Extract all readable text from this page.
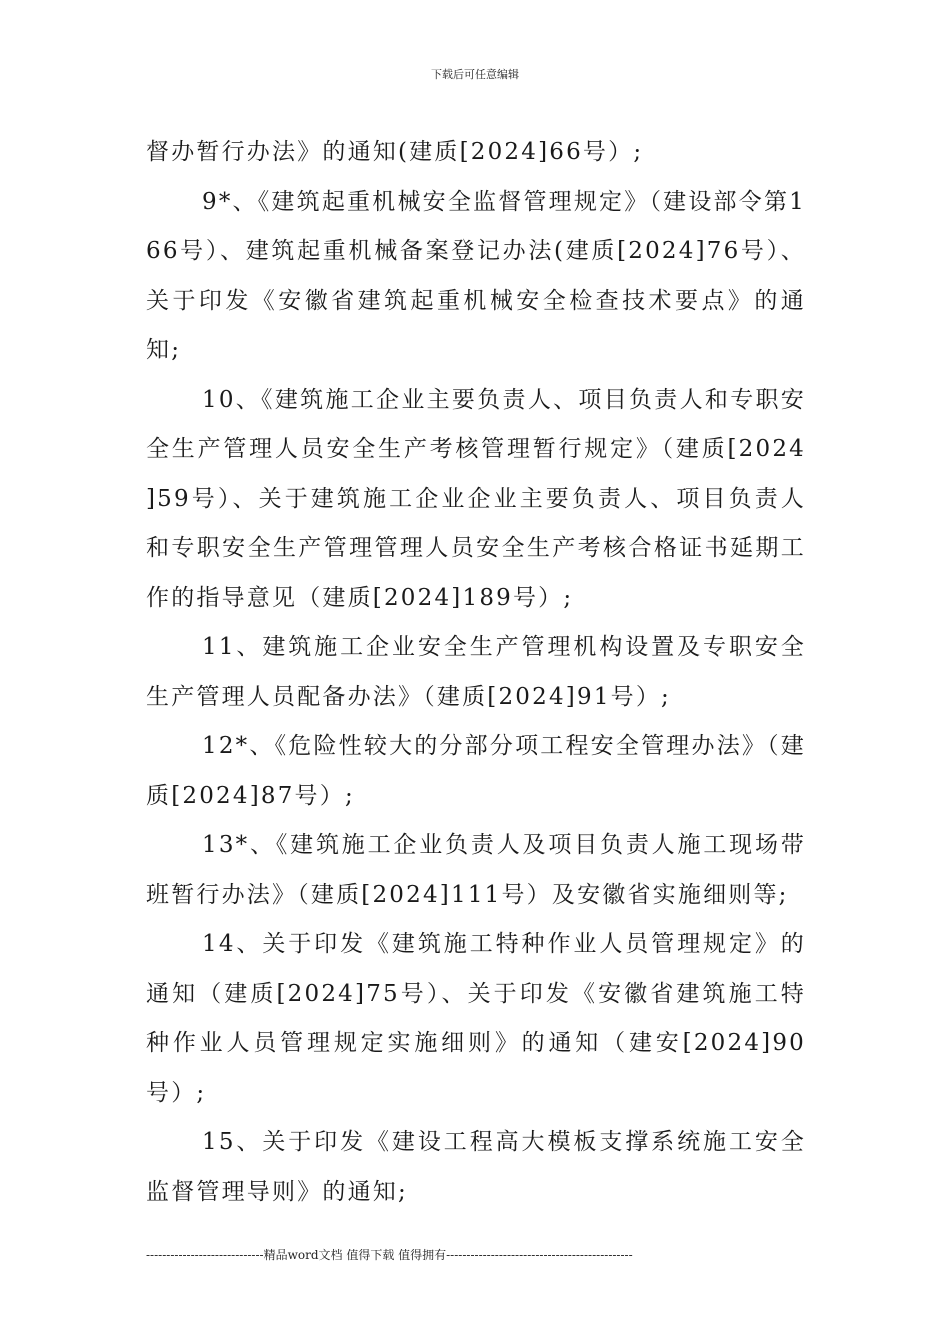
下载后可任意编辑

督办暂行办法》的通知(建质[2024]66号）;

9*、《建筑起重机械安全监督管理规定》（建设部令第166号）、建筑起重机械备案登记办法(建质[2024]76号）、关于印发《安徽省建筑起重机械安全检查技术要点》的通知;

10、《建筑施工企业主要负责人、项目负责人和专职安全生产管理人员安全生产考核管理暂行规定》（建质[2024 ]59号）、关于建筑施工企业企业主要负责人、项目负责人和专职安全生产管理管理人员安全生产考核合格证书延期工作的指导意见（建质[2024]189号）;

11、建筑施工企业安全生产管理机构设置及专职安全生产管理人员配备办法》（建质[2024]91号）;

12*、《危险性较大的分部分项工程安全管理办法》（建质[2024]87号）;

13*、《建筑施工企业负责人及项目负责人施工现场带班暂行办法》（建质[2024]111号）及安徽省实施细则等;

14、关于印发《建筑施工特种作业人员管理规定》的通知（建质[2024]75号）、关于印发《安徽省建筑施工特种作业人员管理规定实施细则》的通知（建安[2024]90号）;

15、关于印发《建设工程高大模板支撑系统施工安全监督管理导则》的通知;

-----------------------------精品word文档 值得下载 值得拥有----------------------------------------------
